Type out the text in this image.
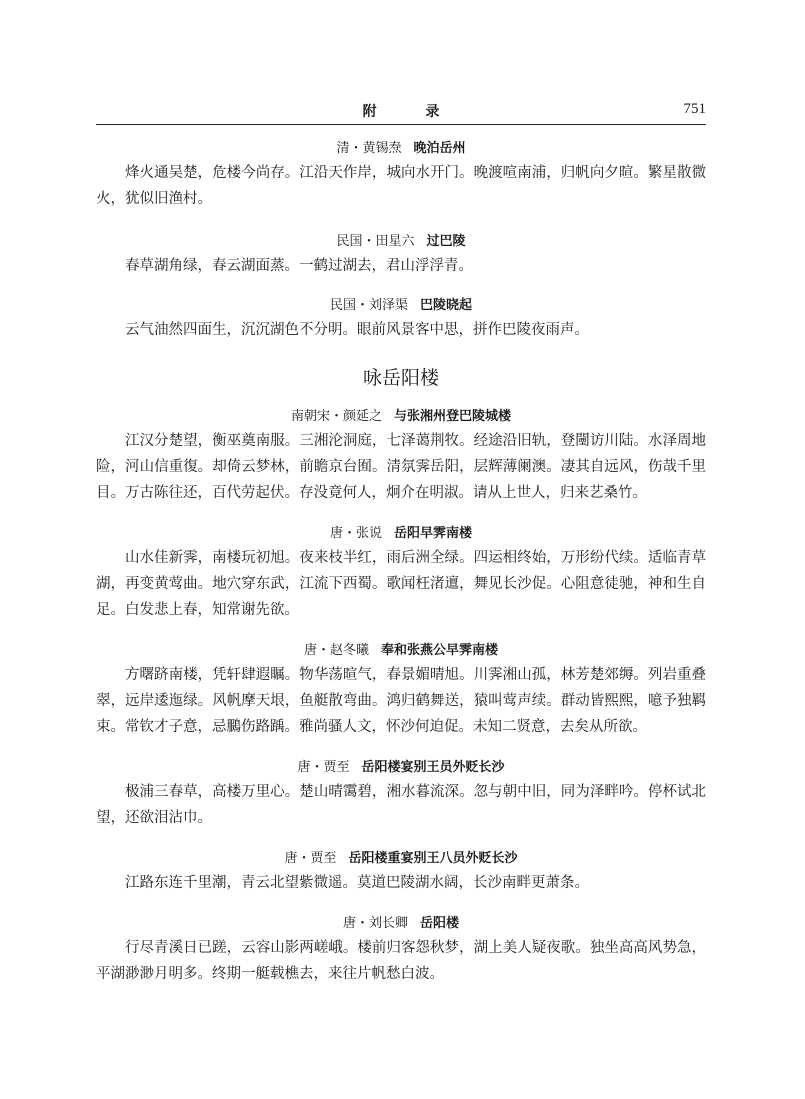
附 录	751
清・黄锡焘 晚泊岳州

烽火通吴楚，危楼今尚存。江沿天作岸，城向水开门。晚渡喧南浦，归帆向夕暄。繁星散微火，犹似旧渔村。

民国・田星六 过巴陵

春草湖角绿，春云湖面蒸。一鹤过湖去，君山浮浮青。

民国・刘泽渠 巴陵晓起

云气油然四面生，沉沉湖色不分明。眼前风景客中思，拼作巴陵夜雨声。

咏岳阳楼
南朝宋・颜延之 与张湘州登巴陵城楼

江汉分楚望，衡巫奠南服。三湘沦洞庭，七泽蔼荆牧。经途沿旧轨，登闉访川陆。水泽周地险，河山信重復。却倚云梦林，前瞻京台囿。清氛霁岳阳，层辉薄阑澳。凄其自远风，伤哉千里目。万古陈往还，百代劳起伏。存没竟何人，炯介在明淑。请从上世人，归来艺桑竹。

唐・张说 岳阳早霁南楼

山水佳新霁，南楼玩初旭。夜来枝半红，雨后洲全绿。四运相终始，万形纷代续。适临青草湖，再变黄莺曲。地穴穿东武，江流下西蜀。歌闻枉渚邅，舞见长沙促。心阻意徒驰，神和生自足。白发悲上春，知常谢先欲。

唐・赵冬曦 奉和张燕公早霁南楼

方曙跻南楼，凭轩肆遐瞩。物华荡暄气，春景媚晴旭。川霁湘山孤，林芳楚郊缛。列岩重叠翠，远岸逶迤绿。风帆摩天垠，鱼艇散弯曲。鸿归鹤舞送，猿叫莺声续。群动皆熙熙，噫予独羁束。常钦才子意，忌鵩伤路踽。雅尚骚人文，怀沙何迫促。未知二贤意，去矣从所欲。

唐・贾至 岳阳楼宴别王员外贬长沙

极浦三春草，高楼万里心。楚山晴霭碧，湘水暮流深。忽与朝中旧，同为泽畔吟。停杯试北望，还欲泪沾巾。

唐・贾至 岳阳楼重宴别王八员外贬长沙

江路东连千里潮，青云北望紫微遥。莫道巴陵湖水阔，长沙南畔更萧条。

唐・刘长卿 岳阳楼

行尽青溪日已蹉，云容山影两嵯峨。楼前归客怨秋梦，湖上美人疑夜歌。独坐高高风势急，平湖渺渺月明多。终期一艇载樵去，来往片帆愁白波。
